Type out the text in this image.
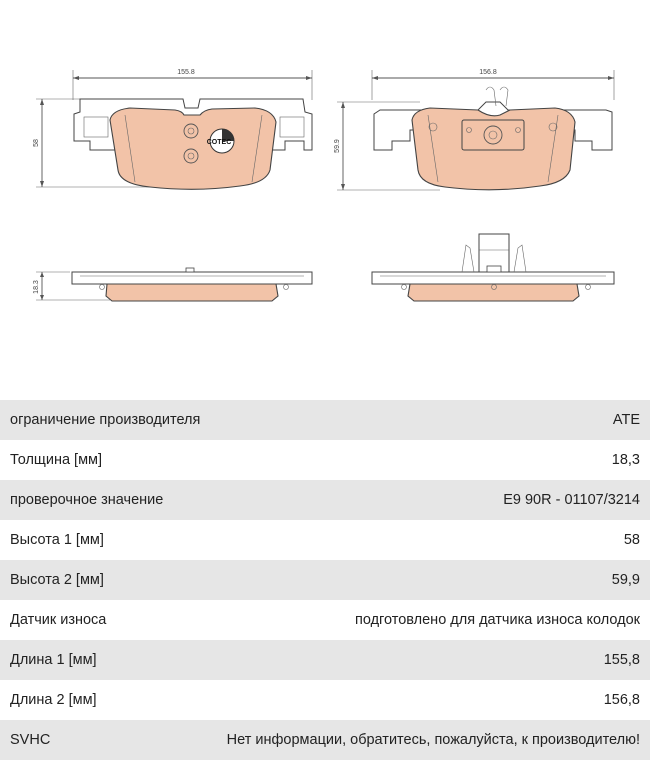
155.8
58	COTEC
156.8
59.9
18.3
ограничение производителя	ATE
Толщина [мм]	18,3
проверочное значение	E9 90R - 01107/3214
Высота 1 [мм]	58
Высота 2 [мм]	59,9
Датчик износа	подготовлено для датчика износа колодок
Длина 1 [мм]	155,8
Длина 2 [мм]	156,8
SVHC	Нет информации, обратитесь, пожалуйста, к производителю!
